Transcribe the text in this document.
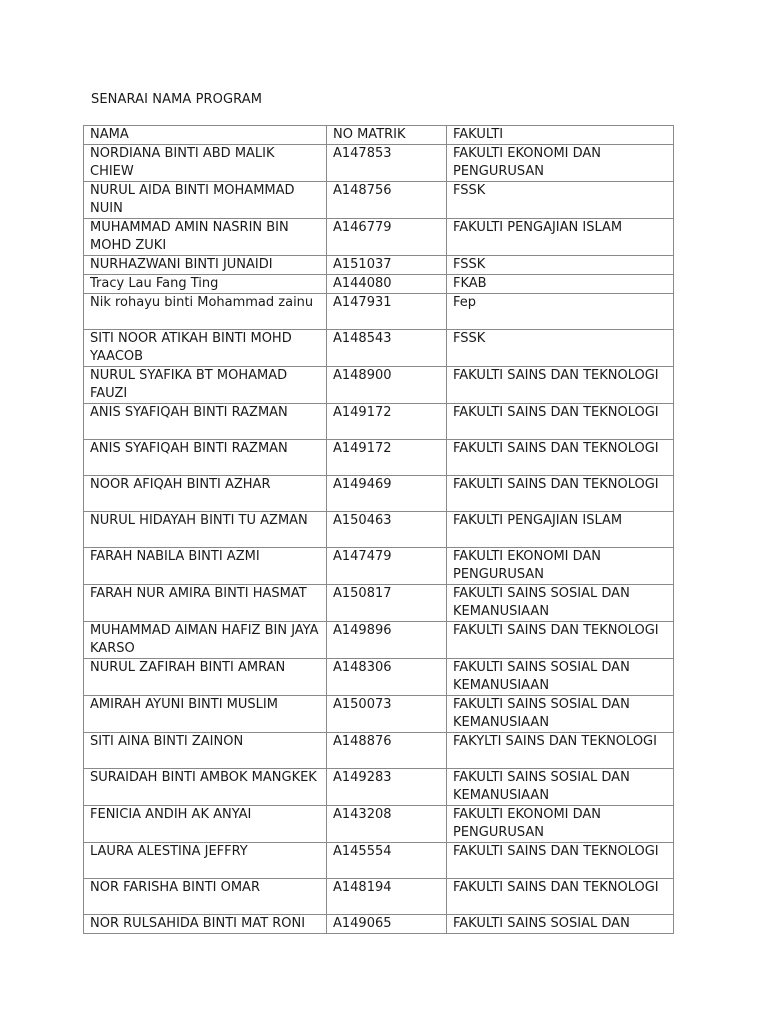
SENARAI NAMA PROGRAM
NAMA	NO MATRIK	FAKULTI
NORDIANA BINTI ABD MALIK CHIEW	A147853	FAKULTI EKONOMI DAN PENGURUSAN
NURUL AIDA BINTI MOHAMMAD NUIN	A148756	FSSK
MUHAMMAD AMIN NASRIN BIN MOHD ZUKI	A146779	FAKULTI PENGAJIAN ISLAM
NURHAZWANI BINTI JUNAIDI	A151037	FSSK
Tracy Lau Fang Ting	A144080	FKAB
Nik rohayu binti Mohammad zainu	A147931	Fep
SITI NOOR ATIKAH BINTI MOHD YAACOB	A148543	FSSK
NURUL SYAFIKA BT MOHAMAD FAUZI	A148900	FAKULTI SAINS DAN TEKNOLOGI
ANIS SYAFIQAH BINTI RAZMAN	A149172	FAKULTI SAINS DAN TEKNOLOGI
ANIS SYAFIQAH BINTI RAZMAN	A149172	FAKULTI SAINS DAN TEKNOLOGI
NOOR AFIQAH BINTI AZHAR	A149469	FAKULTI SAINS DAN TEKNOLOGI
NURUL HIDAYAH BINTI TU AZMAN	A150463	FAKULTI PENGAJIAN ISLAM
FARAH NABILA BINTI AZMI	A147479	FAKULTI EKONOMI DAN PENGURUSAN
FARAH NUR AMIRA BINTI HASMAT	A150817	FAKULTI SAINS SOSIAL DAN KEMANUSIAAN
MUHAMMAD AIMAN HAFIZ BIN JAYA KARSO	A149896	FAKULTI SAINS DAN TEKNOLOGI
NURUL ZAFIRAH BINTI AMRAN	A148306	FAKULTI SAINS SOSIAL DAN KEMANUSIAAN
AMIRAH AYUNI BINTI MUSLIM	A150073	FAKULTI SAINS SOSIAL DAN KEMANUSIAAN
SITI AINA BINTI ZAINON	A148876	FAKYLTI SAINS DAN TEKNOLOGI
SURAIDAH BINTI AMBOK MANGKEK	A149283	FAKULTI SAINS SOSIAL DAN KEMANUSIAAN
FENICIA ANDIH AK ANYAI	A143208	FAKULTI EKONOMI DAN PENGURUSAN
LAURA ALESTINA JEFFRY	A145554	FAKULTI SAINS DAN TEKNOLOGI
NOR FARISHA BINTI OMAR	A148194	FAKULTI SAINS DAN TEKNOLOGI
NOR RULSAHIDA BINTI MAT RONI	A149065	FAKULTI SAINS SOSIAL DAN
